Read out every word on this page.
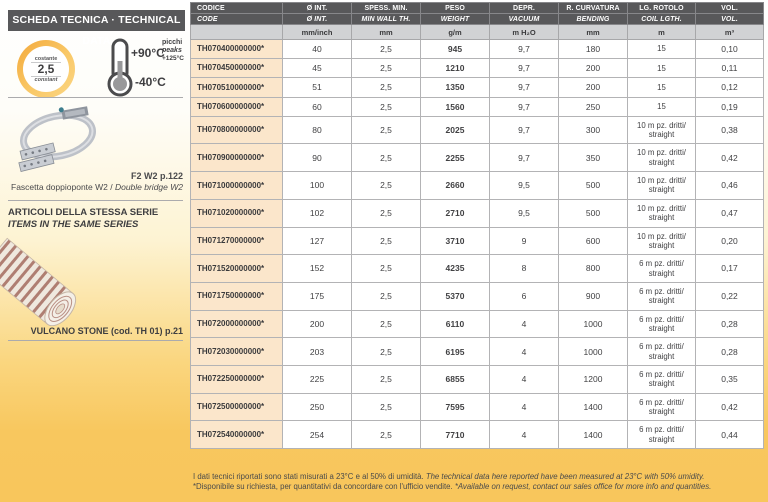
SCHEDA TECNICA · TECHNICAL DATA
costante
2,5
constant
+90°C
-40°C
picchi
peaks
+125°C
F2 W2 p.122
Fascetta doppioponte W2 / Double bridge W2
ARTICOLI DELLA STESSA SERIE
ITEMS IN THE SAME SERIES
VULCANO STONE (cod. TH 01) p.21
CODICE	Ø INT.	SPESS. MIN.	PESO	DEPR.	R. CURVATURA	LG. ROTOLO	VOL.
CODE	Ø INT.	MIN WALL TH.	WEIGHT	VACUUM	BENDING	COIL LGTH.	VOL.
	mm/inch	mm	g/m	m H₂O	mm	m	m³
TH070400000000*	40	2,5	945	9,7	180	15	0,10
TH070450000000*	45	2,5	1210	9,7	200	15	0,11
TH070510000000*	51	2,5	1350	9,7	200	15	0,12
TH070600000000*	60	2,5	1560	9,7	250	15	0,19
TH070800000000*	80	2,5	2025	9,7	300	10 m pz. dritti/ straight	0,38
TH070900000000*	90	2,5	2255	9,7	350	10 m pz. dritti/ straight	0,42
TH071000000000*	100	2,5	2660	9,5	500	10 m pz. dritti/ straight	0,46
TH071020000000*	102	2,5	2710	9,5	500	10 m pz. dritti/ straight	0,47
TH071270000000*	127	2,5	3710	9	600	10 m pz. dritti/ straight	0,20
TH071520000000*	152	2,5	4235	8	800	6 m pz. dritti/ straight	0,17
TH071750000000*	175	2,5	5370	6	900	6 m pz. dritti/ straight	0,22
TH072000000000*	200	2,5	6110	4	1000	6 m pz. dritti/ straight	0,28
TH072030000000*	203	2,5	6195	4	1000	6 m pz. dritti/ straight	0,28
TH072250000000*	225	2,5	6855	4	1200	6 m pz. dritti/ straight	0,35
TH072500000000*	250	2,5	7595	4	1400	6 m pz. dritti/ straight	0,42
TH072540000000*	254	2,5	7710	4	1400	6 m pz. dritti/ straight	0,44
I dati tecnici riportati sono stati misurati a 23°C e al 50% di umidità. The technical data here reported have been measured at 23°C with 50% umidity.
*Disponibile su richiesta, per quantitativi da concordare con l'ufficio vendite. *Available on request, contact our sales office for more info and quantities.
